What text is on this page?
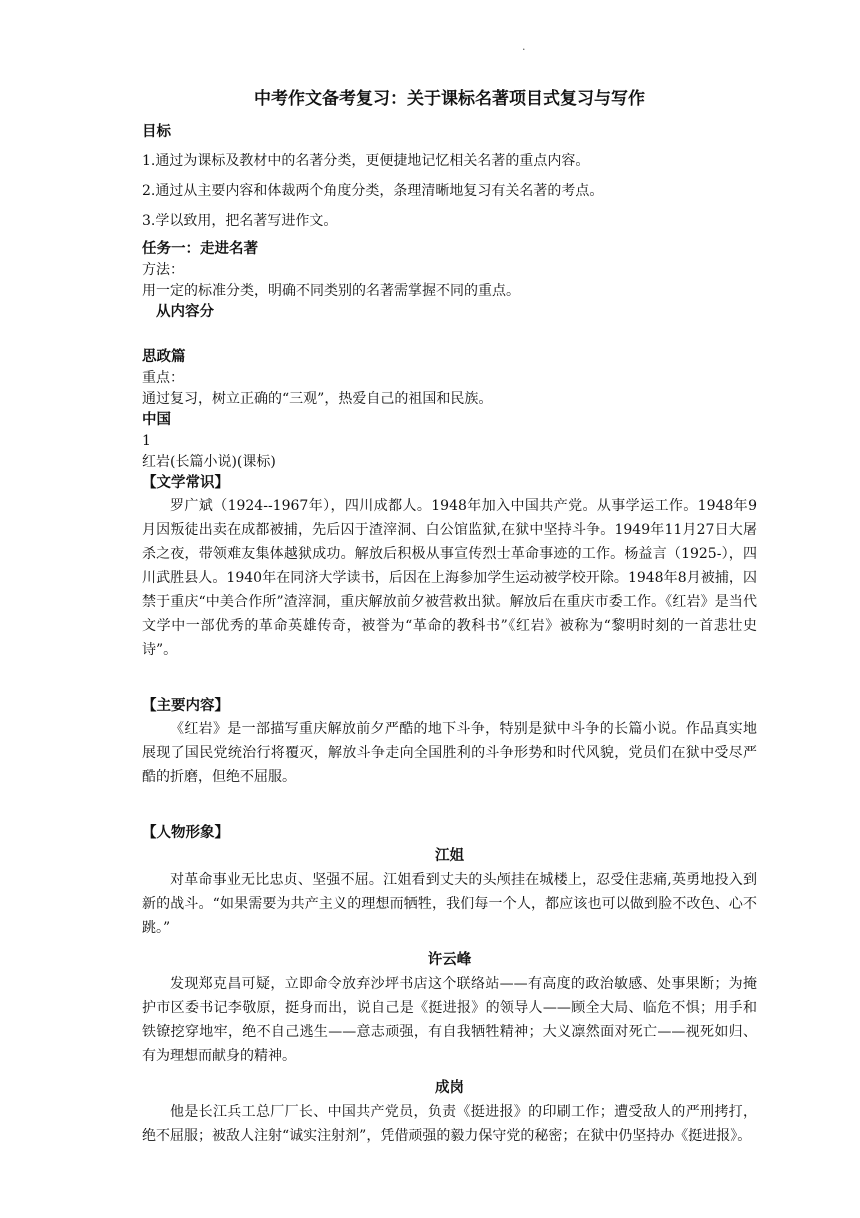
.
中考作文备考复习：关于课标名著项目式复习与写作

目标

1.通过为课标及教材中的名著分类，更便捷地记忆相关名著的重点内容。

2.通过从主要内容和体裁两个角度分类，条理清晰地复习有关名著的考点。

3.学以致用，把名著写进作文。

任务一：走进名著

方法：

用一定的标准分类，明确不同类别的名著需掌握不同的重点。

从内容分

思政篇

重点：

通过复习，树立正确的“三观”，热爱自己的祖国和民族。

中国

1

红岩(长篇小说)(课标)

【文学常识】

罗广斌（1924--1967年），四川成都人。1948年加入中国共产党。从事学运工作。1948年9月因叛徒出卖在成都被捕，先后囚于渣滓洞、白公馆监狱,在狱中坚持斗争。1949年11月27日大屠杀之夜，带领难友集体越狱成功。解放后积极从事宣传烈士革命事迹的工作。杨益言（1925-），四川武胜县人。1940年在同济大学读书，后因在上海参加学生运动被学校开除。1948年8月被捕，囚禁于重庆“中美合作所”渣滓洞，重庆解放前夕被营救出狱。解放后在重庆市委工作。《红岩》是当代文学中一部优秀的革命英雄传奇，被誉为“革命的教科书”《红岩》被称为“黎明时刻的一首悲壮史诗”。

【主要内容】

《红岩》是一部描写重庆解放前夕严酷的地下斗争，特别是狱中斗争的长篇小说。作品真实地展现了国民党统治行将覆灭，解放斗争走向全国胜利的斗争形势和时代风貌，党员们在狱中受尽严酷的折磨，但绝不屈服。

【人物形象】

江姐

对革命事业无比忠贞、坚强不屈。江姐看到丈夫的头颅挂在城楼上，忍受住悲痛,英勇地投入到新的战斗。“如果需要为共产主义的理想而牺牲，我们每一个人，都应该也可以做到脸不改色、心不跳。”

许云峰

发现郑克昌可疑，立即命令放弃沙坪书店这个联络站——有高度的政治敏感、处事果断；为掩护市区委书记李敬原，挺身而出，说自己是《挺进报》的领导人——顾全大局、临危不惧；用手和铁镣挖穿地牢，绝不自己逃生——意志顽强，有自我牺牲精神；大义凛然面对死亡——视死如归、有为理想而献身的精神。

成岗

他是长江兵工总厂厂长、中国共产党员，负责《挺进报》的印刷工作；遭受敌人的严刑拷打，绝不屈服；被敌人注射“诚实注射剂”，凭借顽强的毅力保守党的秘密；在狱中仍坚持办《挺进报》。
